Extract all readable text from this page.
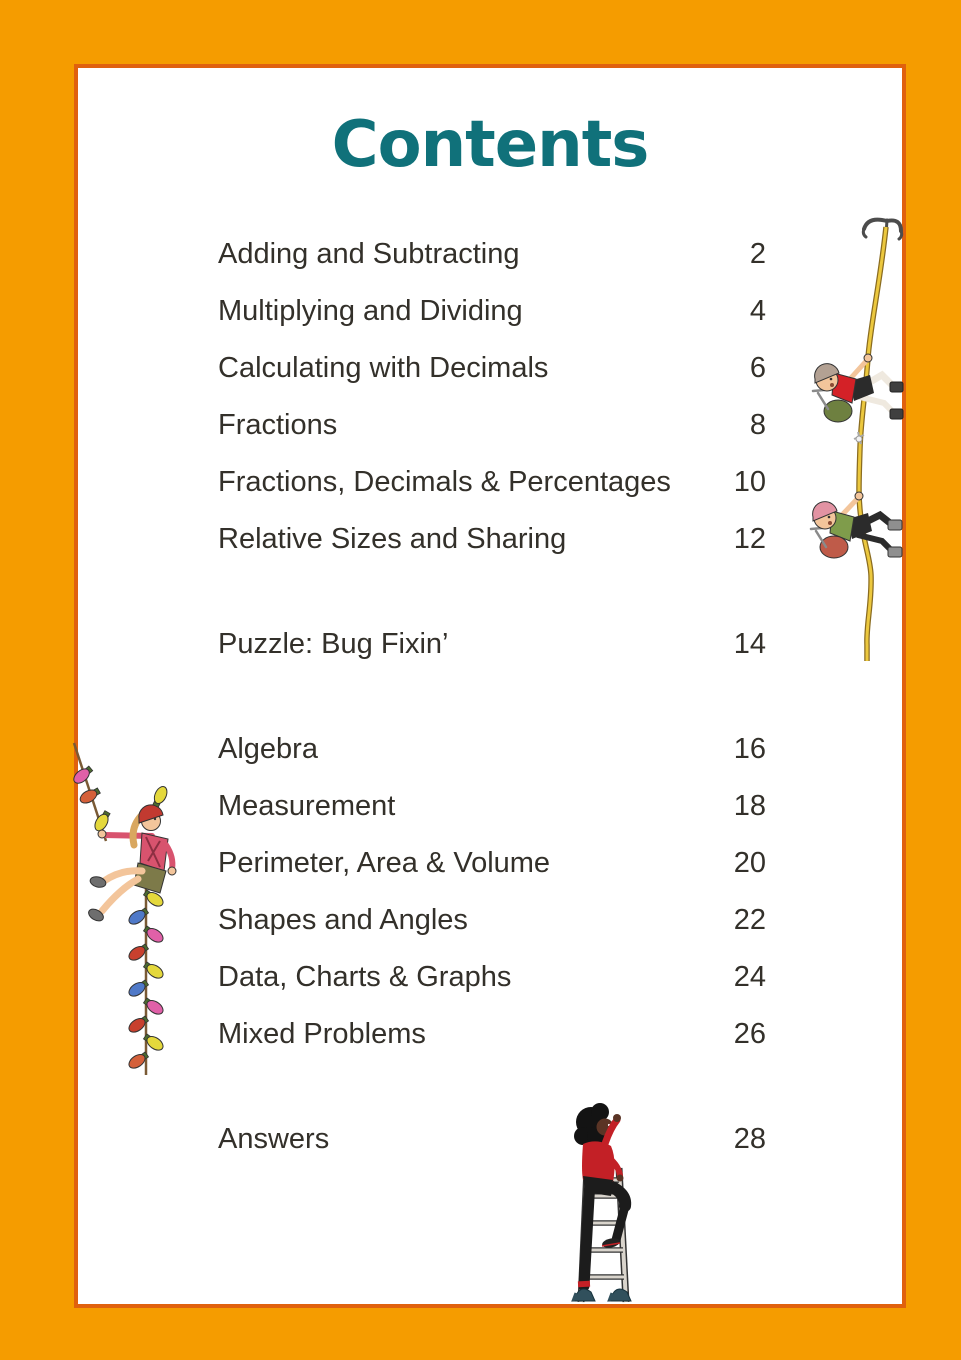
Contents
Adding and Subtracting	2
Multiplying and Dividing	4
Calculating with Decimals	6
Fractions	8
Fractions, Decimals & Percentages 10
Relative Sizes and Sharing	12
Puzzle: Bug Fixin’	14
Algebra	16
Measurement	18
Perimeter, Area & Volume	20
Shapes and Angles	22
Data, Charts & Graphs	24
Mixed Problems	26
Answers	28
